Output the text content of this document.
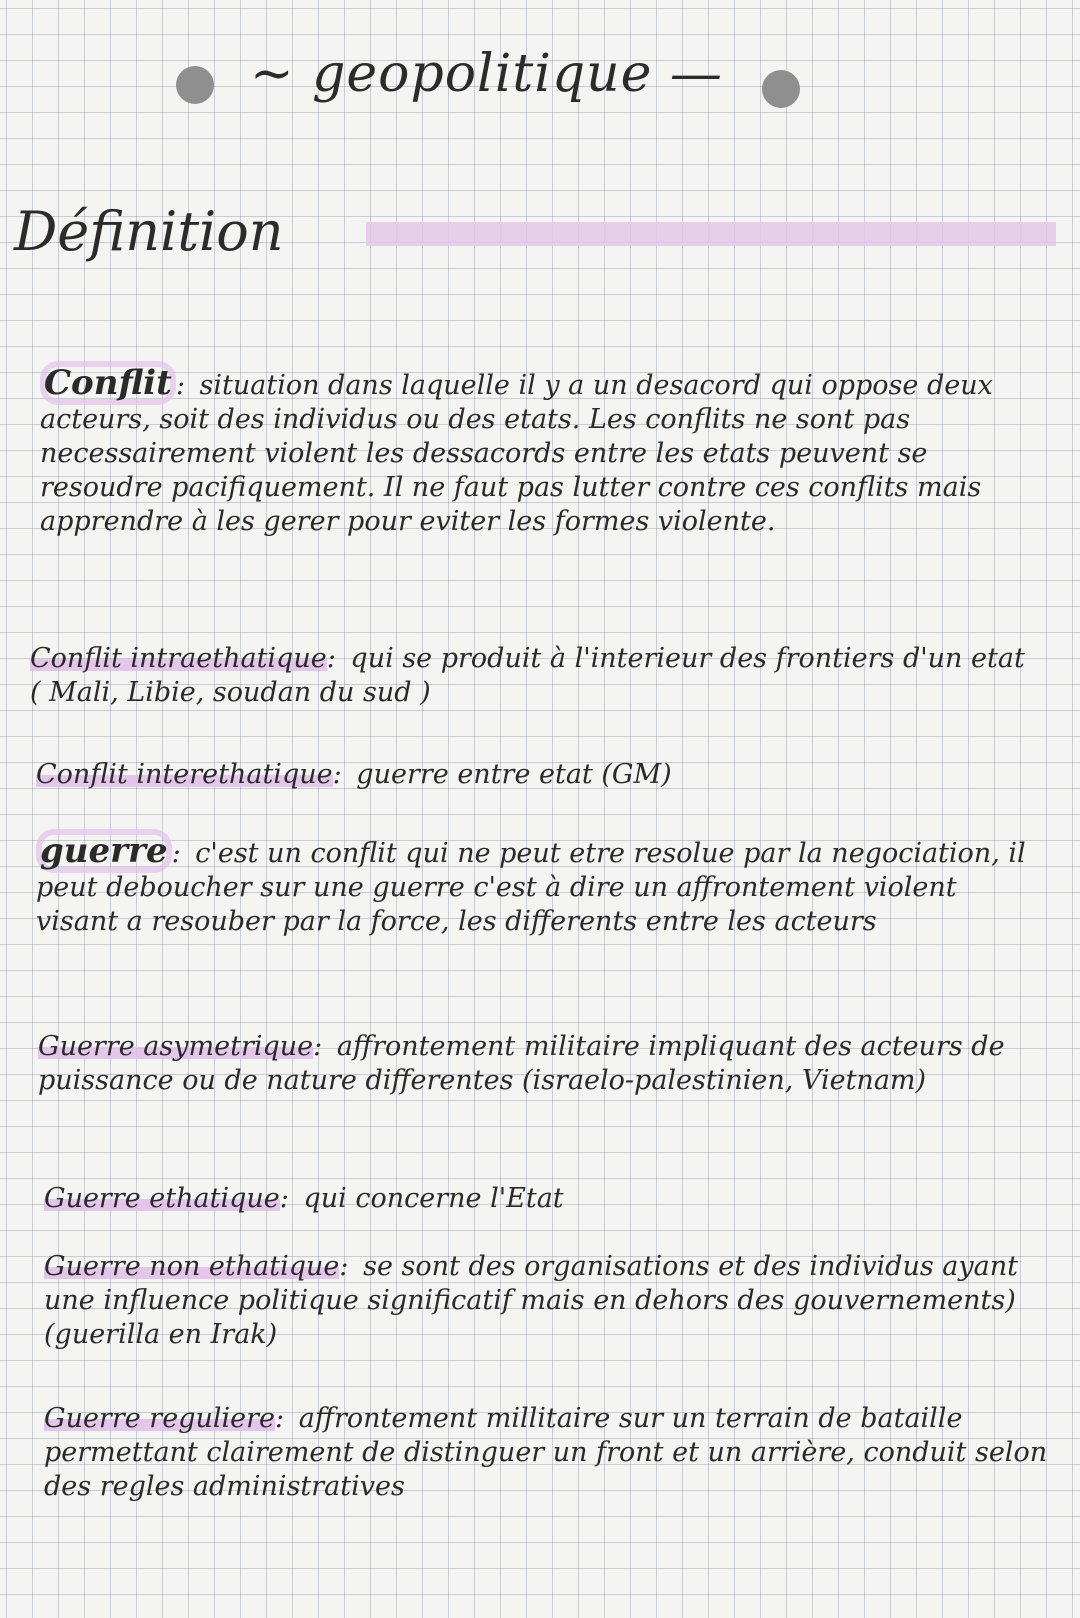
~ geopolitique —
Définition
Conflit : situation dans laquelle il y a un desacord qui oppose deux acteurs, soit des individus ou des etats. Les conflits ne sont pas necessairement violent les dessacords entre les etats peuvent se resoudre pacifiquement. Il ne faut pas lutter contre ces conflits mais apprendre à les gerer pour eviter les formes violente.
Conflit intraethatique: qui se produit à l'interieur des frontiers d'un etat ( Mali, Libie, soudan du sud )
Conflit interethatique: guerre entre etat (GM)
guerre : c'est un conflit qui ne peut etre resolue par la negociation, il peut deboucher sur une guerre c'est à dire un affrontement violent visant a resouber par la force, les differents entre les acteurs
Guerre asymetrique: affrontement militaire impliquant des acteurs de puissance ou de nature differentes (israelo-palestinien, Vietnam)
Guerre ethatique: qui concerne l'Etat
Guerre non ethatique: se sont des organisations et des individus ayant une influence politique significatif mais en dehors des gouvernements) (guerilla en Irak)
Guerre reguliere: affrontement millitaire sur un terrain de bataille permettant clairement de distinguer un front et un arrière, conduit selon des regles administratives
